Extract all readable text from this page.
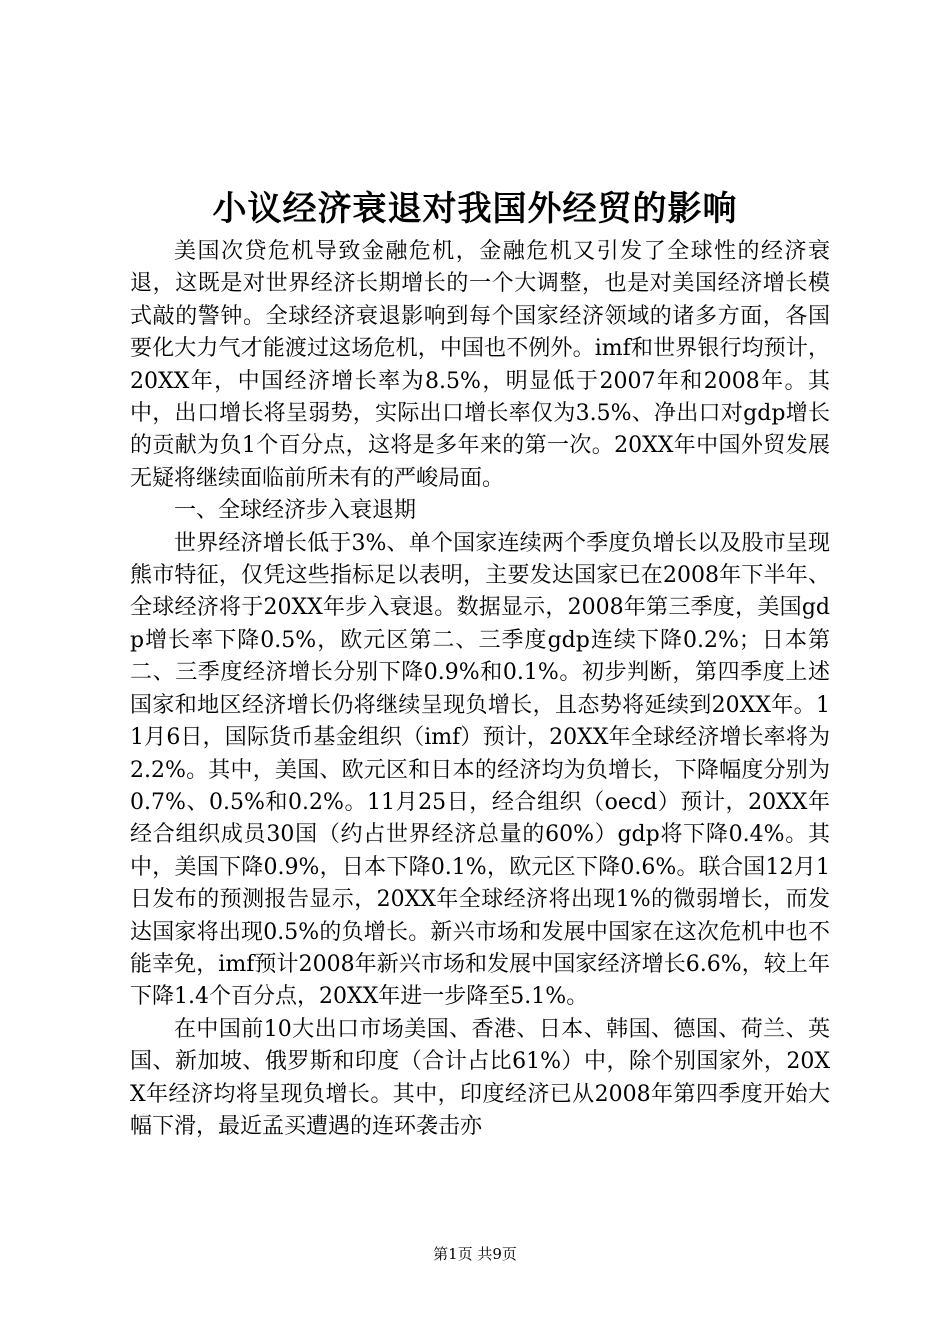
小议经济衰退对我国外经贸的影响

美国次贷危机导致金融危机，金融危机又引发了全球性的经济衰退，这既是对世界经济长期增长的一个大调整，也是对美国经济增长模式敲的警钟。全球经济衰退影响到每个国家经济领域的诸多方面，各国要化大力气才能渡过这场危机，中国也不例外。imf和世界银行均预计，20XX年，中国经济增长率为8.5%，明显低于2007年和2008年。其中，出口增长将呈弱势，实际出口增长率仅为3.5%、净出口对gdp增长的贡献为负1个百分点，这将是多年来的第一次。20XX年中国外贸发展无疑将继续面临前所未有的严峻局面。

一、全球经济步入衰退期

世界经济增长低于3%、单个国家连续两个季度负增长以及股市呈现熊市特征，仅凭这些指标足以表明，主要发达国家已在2008年下半年、全球经济将于20XX年步入衰退。数据显示，2008年第三季度，美国gdp增长率下降0.5%，欧元区第二、三季度gdp连续下降0.2%；日本第二、三季度经济增长分别下降0.9%和0.1%。初步判断，第四季度上述国家和地区经济增长仍将继续呈现负增长，且态势将延续到20XX年。11月6日，国际货币基金组织（imf）预计，20XX年全球经济增长率将为2.2%。其中，美国、欧元区和日本的经济均为负增长，下降幅度分别为0.7%、0.5%和0.2%。11月25日，经合组织（oecd）预计，20XX年经合组织成员30国（约占世界经济总量的60%）gdp将下降0.4%。其中，美国下降0.9%，日本下降0.1%，欧元区下降0.6%。联合国12月1日发布的预测报告显示，20XX年全球经济将出现1%的微弱增长，而发达国家将出现0.5%的负增长。新兴市场和发展中国家在这次危机中也不能幸免，imf预计2008年新兴市场和发展中国家经济增长6.6%，较上年下降1.4个百分点，20XX年进一步降至5.1%。

在中国前10大出口市场美国、香港、日本、韩国、德国、荷兰、英国、新加坡、俄罗斯和印度（合计占比61%）中，除个别国家外，20XX年经济均将呈现负增长。其中，印度经济已从2008年第四季度开始大幅下滑，最近孟买遭遇的连环袭击亦

第1页 共9页
